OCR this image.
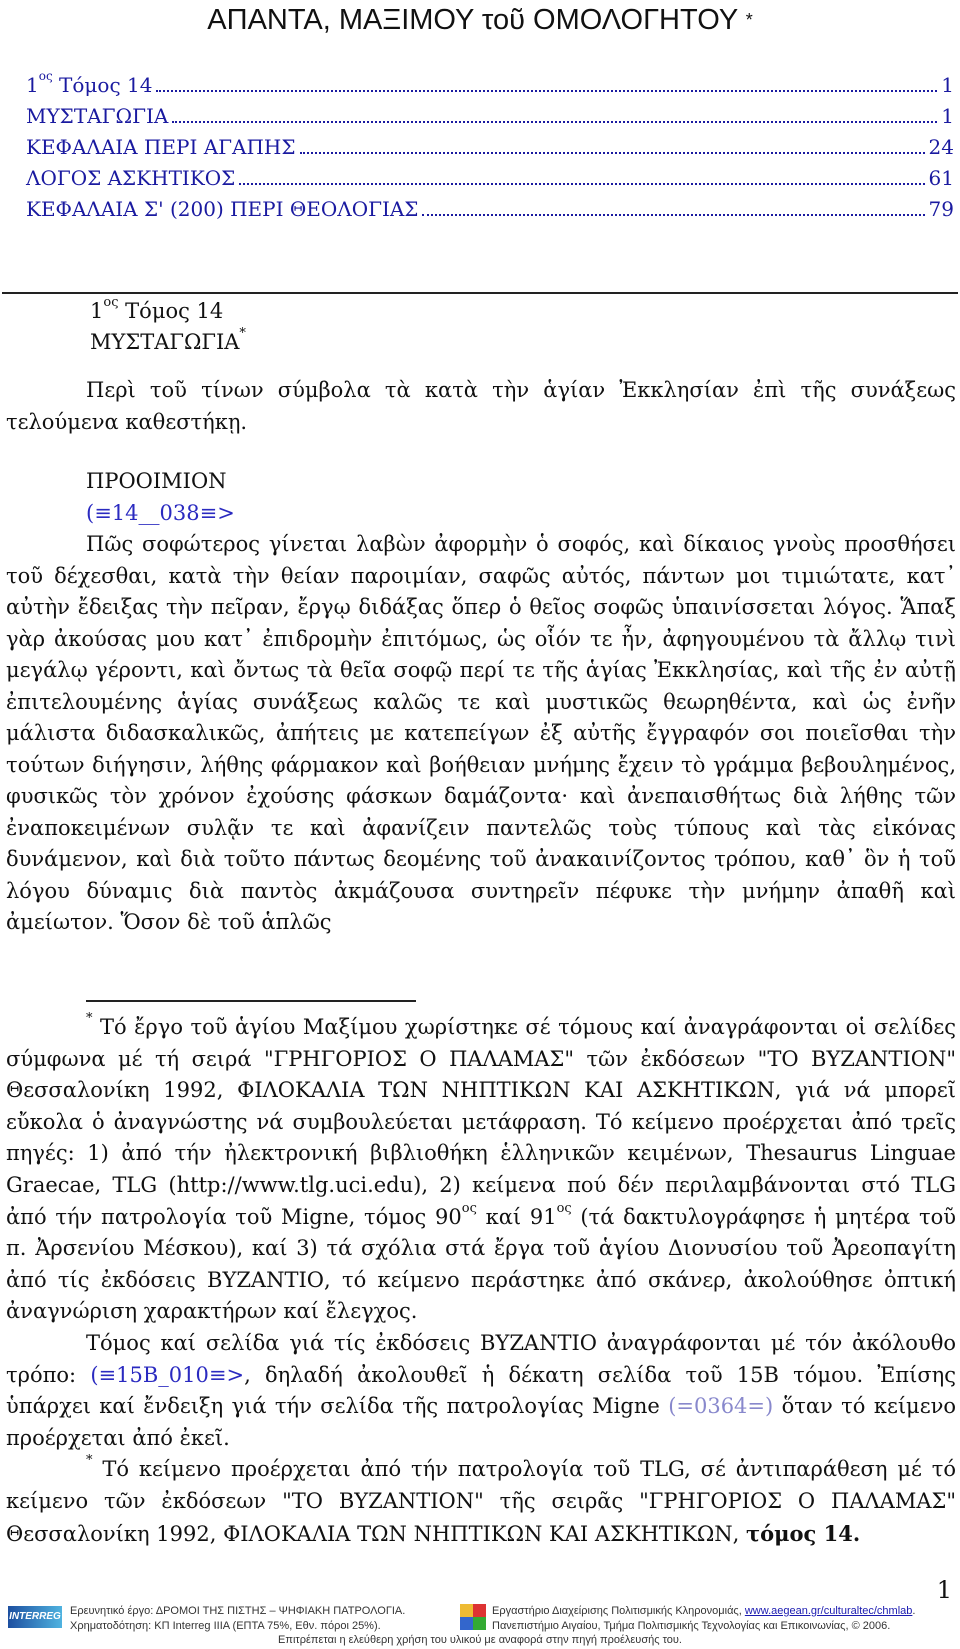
ΑΠΑΝΤΑ, ΜΑΞΙΜΟΥ τοῦ ΟΜΟΛΟΓΗΤΟΥ *
$1^{o\varsigma}$ Τόμος 14	1
ΜΥΣΤΑΓΩΓΙΑ	1
ΚΕΦΑΛΑΙΑ ΠΕΡΙ ΑΓΑΠΗΣ	24
ΛΟΓΟΣ ΑΣΚΗΤΙΚΟΣ	61
ΚΕΦΑΛΑΙΑ Σ' (200) ΠΕΡΙ ΘΕΟΛΟΓΙΑΣ	79
$1^{o\varsigma}$ Τόμος 14
ΜΥΣΤΑΓΩΓΙΑ*
Περὶ τοῦ τίνων σύμβολα τὰ κατὰ τὴν ἁγίαν Ἐκκλησίαν ἐπὶ τῆς συνάξεως τελούμενα καθεστήκῃ.
ΠΡΟΟΙΜΙΟΝ
(≡14__038≡>
Πῶς σοφώτερος γίνεται λαβὼν ἀφορμὴν ὁ σοφός, καὶ δίκαιος γνοὺς προσθήσει τοῦ δέχεσθαι, κατὰ τὴν θείαν παροιμίαν, σαφῶς αὐτός, πάντων μοι τιμιώτατε, κατ᾽ αὐτὴν ἔδειξας τὴν πεῖραν, ἔργῳ διδάξας ὅπερ ὁ θεῖος σοφῶς ὑπαινίσσεται λόγος. Ἅπαξ γὰρ ἀκούσας μου κατ᾽ ἐπιδρομὴν ἐπιτόμως, ὡς οἷόν τε ἦν, ἀφηγουμένου τὰ ἄλλῳ τινὶ μεγάλῳ γέροντι, καὶ ὄντως τὰ θεῖα σοφῷ περί τε τῆς ἁγίας Ἐκκλησίας, καὶ τῆς ἐν αὐτῇ ἐπιτελουμένης ἁγίας συνάξεως καλῶς τε καὶ μυστικῶς θεωρηθέντα, καὶ ὡς ἐνῆν μάλιστα διδασκαλικῶς, ἀπήτεις με κατεπείγων ἐξ αὐτῆς ἔγγραφόν σοι ποιεῖσθαι τὴν τούτων διήγησιν, λήθης φάρμακον καὶ βοήθειαν μνήμης ἔχειν τὸ γράμμα βεβουλημένος, φυσικῶς τὸν χρόνον ἐχούσης φάσκων δαμάζοντα· καὶ ἀνεπαισθήτως διὰ λήθης τῶν ἐναποκειμένων συλᾷν τε καὶ ἀφανίζειν παντελῶς τοὺς τύπους καὶ τὰς εἰκόνας δυνάμενον, καὶ διὰ τοῦτο πάντως δεομένης τοῦ ἀνακαινίζοντος τρόπου, καθ᾽ ὃν ἡ τοῦ λόγου δύναμις διὰ παντὸς ἀκμάζουσα συντηρεῖν πέφυκε τὴν μνήμην ἀπαθῆ καὶ ἀμείωτον. Ὅσον δὲ τοῦ ἁπλῶς

* Τό ἔργο τοῦ ἁγίου Μαξίμου χωρίστηκε σέ τόμους καί ἀναγράφονται οἱ σελίδες σύμφωνα μέ τή σειρά "ΓΡΗΓΟΡΙΟΣ Ο ΠΑΛΑΜΑΣ" τῶν ἐκδόσεων "ΤΟ ΒΥΖΑΝΤΙΟΝ" Θεσσαλονίκη 1992, ΦΙΛΟΚΑΛΙΑ ΤΩΝ ΝΗΠΤΙΚΩΝ ΚΑΙ ΑΣΚΗΤΙΚΩΝ, γιά νά μπορεῖ εὔκολα ὁ ἀναγνώστης νά συμβουλεύεται μετάφραση. Τό κείμενο προέρχεται ἀπό τρεῖς πηγές: 1) ἀπό τήν ἠλεκτρονική βιβλιοθήκη ἑλληνικῶν κειμένων, Thesaurus Linguae Graecae, TLG (http://www.tlg.uci.edu), 2) κείμενα πού δέν περιλαμβάνονται στό TLG ἀπό τήν πατρολογία τοῦ Migne, τόμος $90^{o\varsigma}$ καί $91^{o\varsigma}$ (τά δακτυλογράφησε ἡ μητέρα τοῦ π. Ἀρσενίου Μέσκου), καί 3) τά σχόλια στά ἔργα τοῦ ἁγίου Διονυσίου τοῦ Ἀρεοπαγίτη ἀπό τίς ἐκδόσεις ΒΥΖΑΝΤΙΟ, τό κείμενο περάστηκε ἀπό σκάνερ, ἀκολούθησε ὀπτική ἀναγνώριση χαρακτήρων καί ἔλεγχος.

Τόμος καί σελίδα γιά τίς ἐκδόσεις ΒΥΖΑΝΤΙΟ ἀναγράφονται μέ τόν ἀκόλουθο τρόπο: (≡15Β_010≡>, δηλαδή ἀκολουθεῖ ἡ δέκατη σελίδα τοῦ 15Β τόμου. Ἐπίσης ὑπάρχει καί ἔνδειξη γιά τήν σελίδα τῆς πατρολογίας Migne (=0364=) ὅταν τό κείμενο προέρχεται ἀπό ἐκεῖ.

* Τό κείμενο προέρχεται ἀπό τήν πατρολογία τοῦ TLG, σέ ἀντιπαράθεση μέ τό κείμενο τῶν ἐκδόσεων "ΤΟ ΒΥΖΑΝΤΙΟΝ" τῆς σειρᾶς "ΓΡΗΓΟΡΙΟΣ Ο ΠΑΛΑΜΑΣ" Θεσσαλονίκη 1992, ΦΙΛΟΚΑΛΙΑ ΤΩΝ ΝΗΠΤΙΚΩΝ ΚΑΙ ΑΣΚΗΤΙΚΩΝ, τόμος 14.

1
INTERREG Ερευνητικό έργο: ΔΡΟΜΟΙ ΤΗΣ ΠΙΣΤΗΣ – ΨΗΦΙΑΚΗ ΠΑΤΡΟΛΟΓΙΑ.
Χρηματοδότηση: ΚΠ Interreg IIIA (ΕΠΤΑ 75%, Εθν. πόροι 25%).
Εργαστήριο Διαχείρισης Πολιτισμικής Κληρονομιάς, www.aegean.gr/culturaltec/chmlab.
Πανεπιστήμιο Αιγαίου, Τμήμα Πολιτισμικής Τεχνολογίας και Επικοινωνίας, © 2006.
Επιτρέπεται η ελεύθερη χρήση του υλικού με αναφορά στην πηγή προέλευσής του.
